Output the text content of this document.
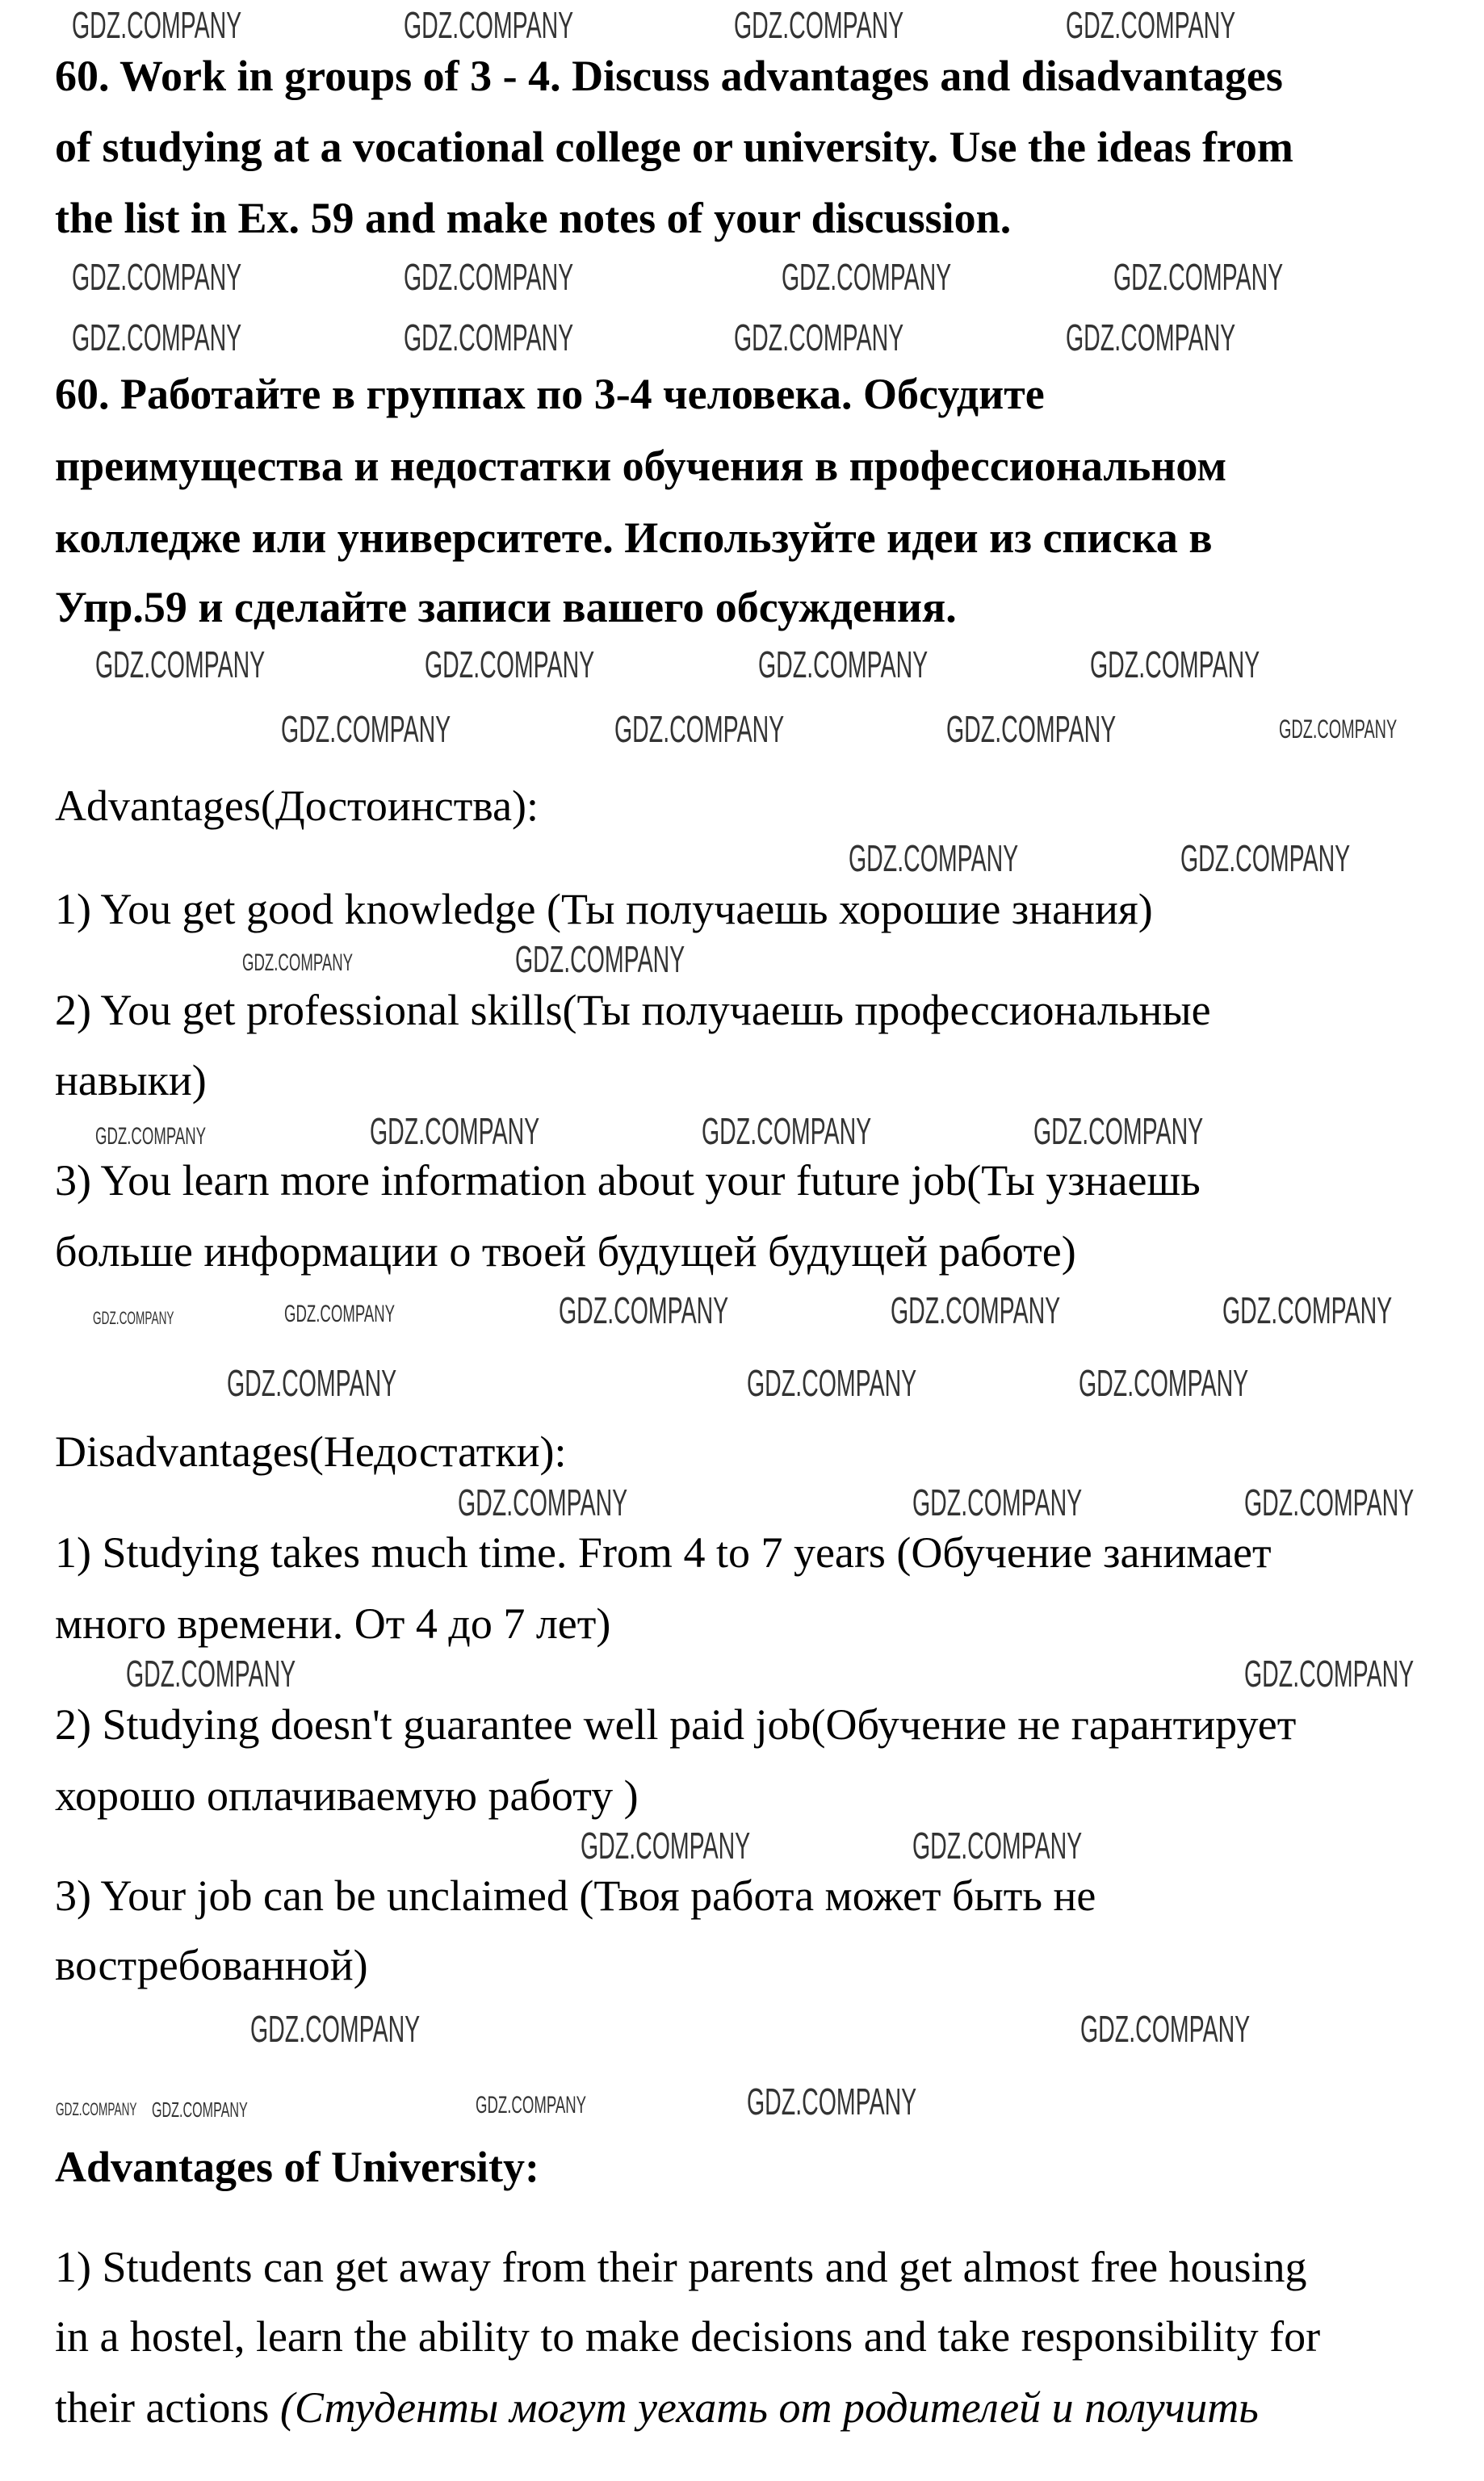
60. Work in groups of 3 - 4. Discuss advantages and disadvantages
of studying at a vocational college or university. Use the ideas from
the list in Ex. 59 and make notes of your discussion.
60. Работайте в группах по 3-4 человека. Обсудите
преимущества и недостатки обучения в профессиональном
колледже или университете. Используйте идеи из списка в
Упр.59 и сделайте записи вашего обсуждения.
Advantages(Достоинства):
1) You get good knowledge (Ты получаешь хорошие знания)
2) You get professional skills(Ты получаешь профессиональные
навыки)
3) You learn more information about your future job(Ты узнаешь
больше информации о твоей будущей будущей работе)
Disadvantages(Недостатки):
1) Studying takes much time. From 4 to 7 years (Обучение занимает
много времени. От 4 до 7 лет)
2) Studying doesn't guarantee well paid job(Обучение не гарантирует
хорошо оплачиваемую работу )
3) Your job can be unclaimed (Твоя работа может быть не
востребованной)
Advantages of University:
1) Students can get away from their parents and get almost free housing
in a hostel, learn the ability to make decisions and take responsibility for
their actions (Студенты могут уехать от родителей и получить
GDZ.COMPANY	GDZ.COMPANY	GDZ.COMPANY	GDZ.COMPANY
GDZ.COMPANY	GDZ.COMPANY	GDZ.COMPANY	GDZ.COMPANY
GDZ.COMPANY	GDZ.COMPANY	GDZ.COMPANY	GDZ.COMPANY
GDZ.COMPANY	GDZ.COMPANY	GDZ.COMPANY	GDZ.COMPANY
GDZ.COMPANY	GDZ.COMPANY	GDZ.COMPANY	GDZ.COMPANY
GDZ.COMPANY	GDZ.COMPANY
GDZ.COMPANY
GDZ.COMPANY
GDZ.COMPANY	GDZ.COMPANY	GDZ.COMPANY
GDZ.COMPANY
GDZ.COMPANY	GDZ.COMPANY	GDZ.COMPANY
GDZ.COMPANY	GDZ.COMPANY
GDZ.COMPANY	GDZ.COMPANY	GDZ.COMPANY
GDZ.COMPANY
GDZ.COMPANY	GDZ.COMPANY
GDZ.COMPANY	GDZ.COMPANY
GDZ.COMPANY	GDZ.COMPANY
GDZ.COMPANY	GDZ.COMPANY
GDZ.COMPANY
GDZ.COMPANY GDZ.COMPANY	GDZ.COMPANY
